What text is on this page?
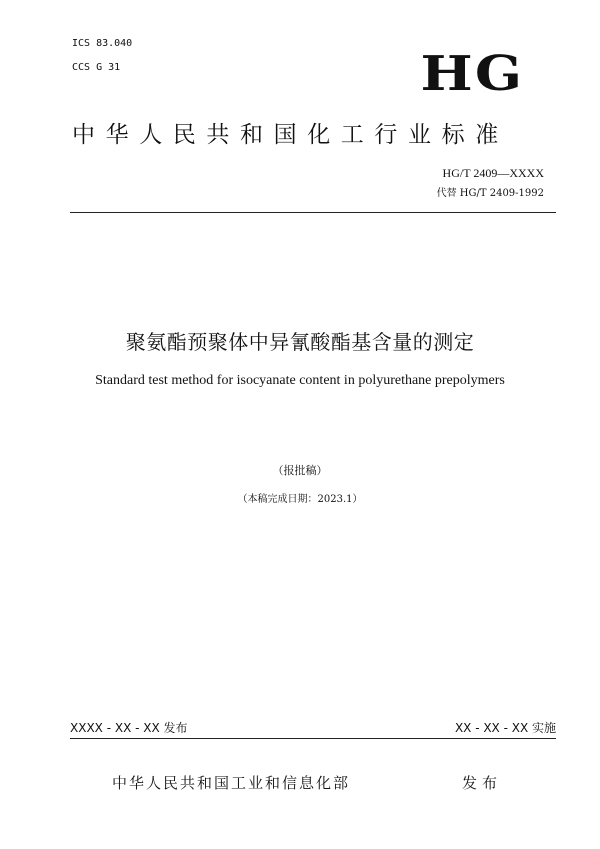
ICS 83.040
CCS G 31	HG
中华人民共和国化工行业标准
HG/T 2409—XXXX
代替 HG/T 2409-1992
聚氨酯预聚体中异氰酸酯基含量的测定
Standard test method for isocyanate content in polyurethane prepolymers
（报批稿）
（本稿完成日期：2023.1）
XXXX - XX - XX 发布	XX - XX - XX 实施
中华人民共和国工业和信息化部	发布
